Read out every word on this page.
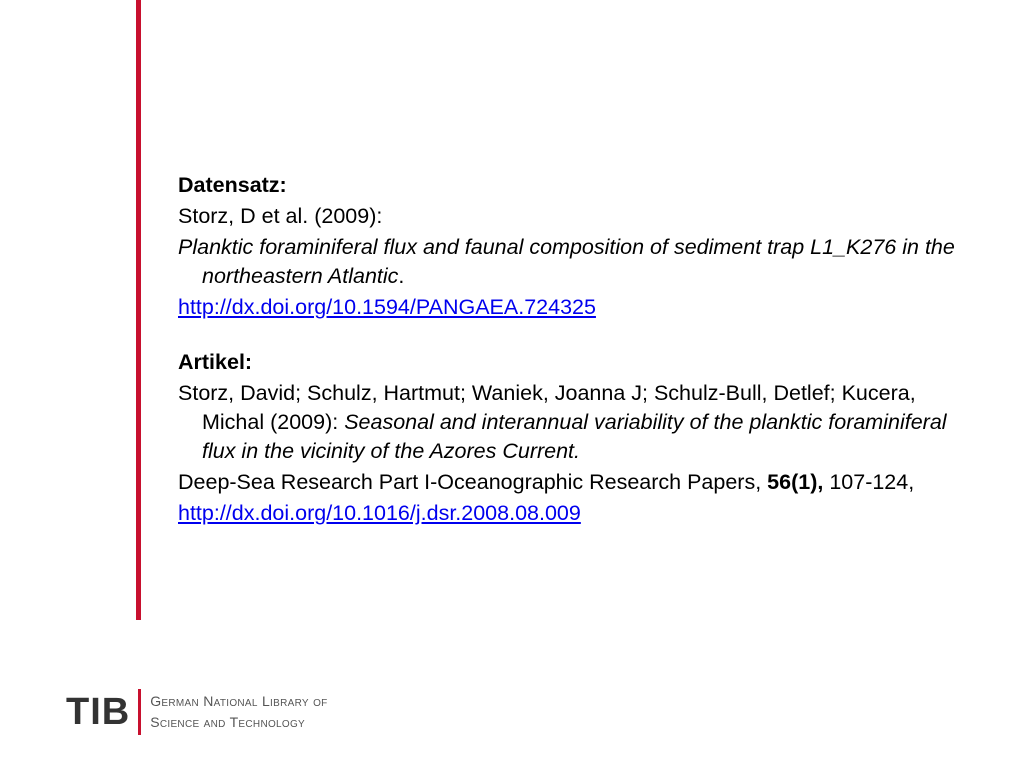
Datensatz:
Storz, D et al. (2009):
Planktic foraminiferal flux and faunal composition of sediment trap L1_K276 in the northeastern Atlantic.
http://dx.doi.org/10.1594/PANGAEA.724325
Artikel:
Storz, David; Schulz, Hartmut; Waniek, Joanna J; Schulz-Bull, Detlef; Kucera, Michal (2009): Seasonal and interannual variability of the planktic foraminiferal flux in the vicinity of the Azores Current.
Deep-Sea Research Part I-Oceanographic Research Papers, 56(1), 107-124,
http://dx.doi.org/10.1016/j.dsr.2008.08.009
TIB German National Library of
Science and Technology
